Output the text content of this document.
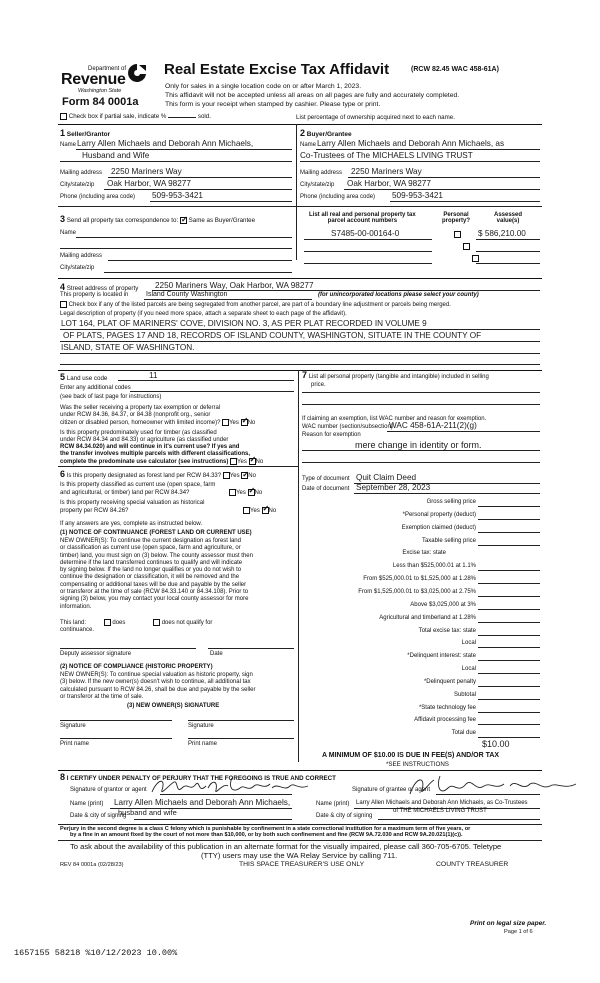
Department of
Revenue
Washington State
Form 84 0001a
Real Estate Excise Tax Affidavit	(RCW 82.45 WAC 458-61A)
Only for sales in a single location code on or after March 1, 2023.
This affidavit will not be accepted unless all areas on all pages are fully and accurately completed.
This form is your receipt when stamped by cashier. Please type or print.
Check box if partial sale, indicate %	sold.	List percentage of ownership acquired next to each name.
1 Seller/Grantor
Name Larry Allen Michaels and Deborah Ann Michaels,
Husband and Wife
Mailing address 2250 Mariners Way
City/state/zip Oak Harbor, WA 98277
Phone (including area code) 509-953-3421
2 Buyer/Grantee
Name Larry Allen Michaels and Deborah Ann Michaels, as
Co-Trustees of The MICHAELS LIVING TRUST
Mailing address 2250 Mariners Way
City/state/zip Oak Harbor, WA 98277
Phone (including area code) 509-953-3421
3 Send all property tax correspondence to: ✓ Same as Buyer/Grantee
Name
Mailing address
City/state/zip
List all real and personal property tax
parcel account numbers
Personal
property?
Assessed
value(s)
S7485-00-00164-0
	$ 586,210.00
4 Street address of property 2250 Mariners Way, Oak Harbor, WA 98277
This property is located in	Island County Washington	(for unincorporated locations please select your county)
Check box if any of the listed parcels are being segregated from another parcel, are part of a boundary line adjustment or parcels being merged.
Legal description of property (if you need more space, attach a separate sheet to each page of the affidavit).
LOT 164, PLAT OF MARINERS' COVE, DIVISION NO. 3, AS PER PLAT RECORDED IN VOLUME 9
OF PLATS, PAGES 17 AND 18, RECORDS OF ISLAND COUNTY, WASHINGTON, SITUATE IN THE COUNTY OF
ISLAND, STATE OF WASHINGTON.
5 Land use code	11
Enter any additional codes
(see back of last page for instructions)
Was the seller receiving a property tax exemption or deferral
under RCW 84.36, 84.37, or 84.38 (nonprofit org., senior
citizen or disabled person, homeowner with limited income)? Yes ✓ No
Is this property predominately used for timber (as classified
under RCW 84.34 and 84.33) or agriculture (as classified under
RCW 84.34.020) and will continue in it's current use? If yes and
the transfer involves multiple parcels with different classifications,
complete the predominate use calculator (see instructions) Yes ✓ No
6 Is this property designated as forest land per RCW 84.33? Yes ✓ No
Is this property classified as current use (open space, farm
and agricultural, or timber) land per RCW 84.34?	Yes ✓ No
Is this property receiving special valuation as historical
property per RCW 84.26?	Yes ✓ No
If any answers are yes, complete as instructed below.
(1) NOTICE OF CONTINUANCE (FOREST LAND OR CURRENT USE)
NEW OWNER(S): To continue the current designation as forest land
or classification as current use (open space, farm and agriculture, or
timber) land, you must sign on (3) below. The county assessor must then
determine if the land transferred continues to qualify and will indicate
by signing below. If the land no longer qualifies or you do not wish to
continue the designation or classification, it will be removed and the
compensating or additional taxes will be due and payable by the seller
or transferor at the time of sale (RCW 84.33.140 or 84.34.108). Prior to
signing (3) below, you may contact your local county assessor for more
information.
This land:	does	does not qualify for
continuance.
Deputy assessor signature	Date
(2) NOTICE OF COMPLIANCE (HISTORIC PROPERTY)
NEW OWNER(S): To continue special valuation as historic property, sign
(3) below. If the new owner(s) doesn't wish to continue, all additional tax
calculated pursuant to RCW 84.26, shall be due and payable by the seller
or transferor at the time of sale.
(3) NEW OWNER(S) SIGNATURE
Signature	Signature
Print name	Print name
7 List all personal property (tangible and intangible) included in selling
price.
If claiming an exemption, list WAC number and reason for exemption.
WAC number (section/subsection)
WAC 458-61A-211(2)(g)
Reason for exemption
mere change in identity or form.
Type of document Quit Claim Deed
Date of document September 28, 2023
Gross selling price
*Personal property (deduct)
Exemption claimed (deduct)
Taxable selling price
Excise tax: state
Less than $525,000.01 at 1.1%
From $525,000.01 to $1,525,000 at 1.28%
From $1,525,000.01 to $3,025,000 at 2.75%
Above $3,025,000 at 3%
Agricultural and timberland at 1.28%
Total excise tax: state
Local
*Delinquent interest: state
Local
*Delinquent penalty
Subtotal
*State technology fee
Affidavit processing fee
Total due
$10.00
A MINIMUM OF $10.00 IS DUE IN FEE(S) AND/OR TAX
*SEE INSTRUCTIONS
8 I CERTIFY UNDER PENALTY OF PERJURY THAT THE FOREGOING IS TRUE AND CORRECT
Signature of grantor or agent	Signature of grantee or agent
Name (print) Larry Allen Michaels and Deborah Ann Michaels,
husband and wife
Date & city of signing
Name (print) Larry Allen Michaels and Deborah Ann Michaels, as Co-Trustees
of THE MICHAELS LIVING TRUST
Date & city of signing
Perjury in the second degree is a class C felony which is punishable by confinement in a state correctional institution for a maximum term of five years, or
by a fine in an amount fixed by the court of not more than $10,000, or by both such confinement and fine (RCW 9A.72.030 and RCW 9A.20.021(1)(c)).
To ask about the availability of this publication in an alternate format for the visually impaired, please call 360-705-6705. Teletype
(TTY) users may use the WA Relay Service by calling 711.
REV 84 0001a (02/28/23)	THIS SPACE TREASURER'S USE ONLY	COUNTY TREASURER
Print on legal size paper.
Page 1 of 6
1657155 58218 %10/12/2023 10.00%
